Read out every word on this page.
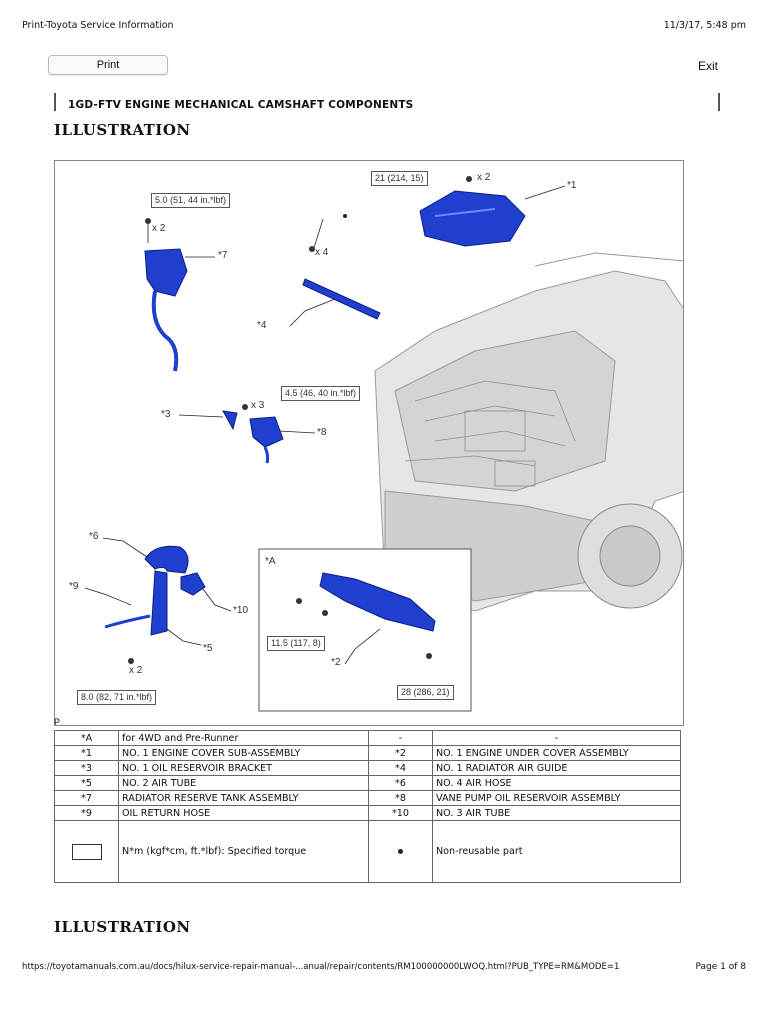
Print-Toyota Service Information	11/3/17, 5:48 pm
Print	Exit
1GD-FTV ENGINE MECHANICAL CAMSHAFT COMPONENTS
ILLUSTRATION
*1
*7
*4
*3
*8
*6
*9
*10
*5
*A
*2
x 2
x 2
x 4
x 3
x 2
21 (214, 15)
5.0 (51, 44 in.*lbf)
4.5 (46, 40 in.*lbf)
11.5 (117, 8)
28 (286, 21)
8.0 (82, 71 in.*lbf)
P
*A	for 4WD and Pre-Runner	-	-
*1	NO. 1 ENGINE COVER SUB-ASSEMBLY	*2	NO. 1 ENGINE UNDER COVER ASSEMBLY
*3	NO. 1 OIL RESERVOIR BRACKET	*4	NO. 1 RADIATOR AIR GUIDE
*5	NO. 2 AIR TUBE	*6	NO. 4 AIR HOSE
*7	RADIATOR RESERVE TANK ASSEMBLY	*8	VANE PUMP OIL RESERVOIR ASSEMBLY
*9	OIL RETURN HOSE	*10	NO. 3 AIR TUBE
	N*m (kgf*cm, ft.*lbf): Specified torque		Non-reusable part
ILLUSTRATION
https://toyotamanuals.com.au/docs/hilux-service-repair-manual-...anual/repair/contents/RM100000000LWOQ.html?PUB_TYPE=RM&MODE=1	Page 1 of 8
